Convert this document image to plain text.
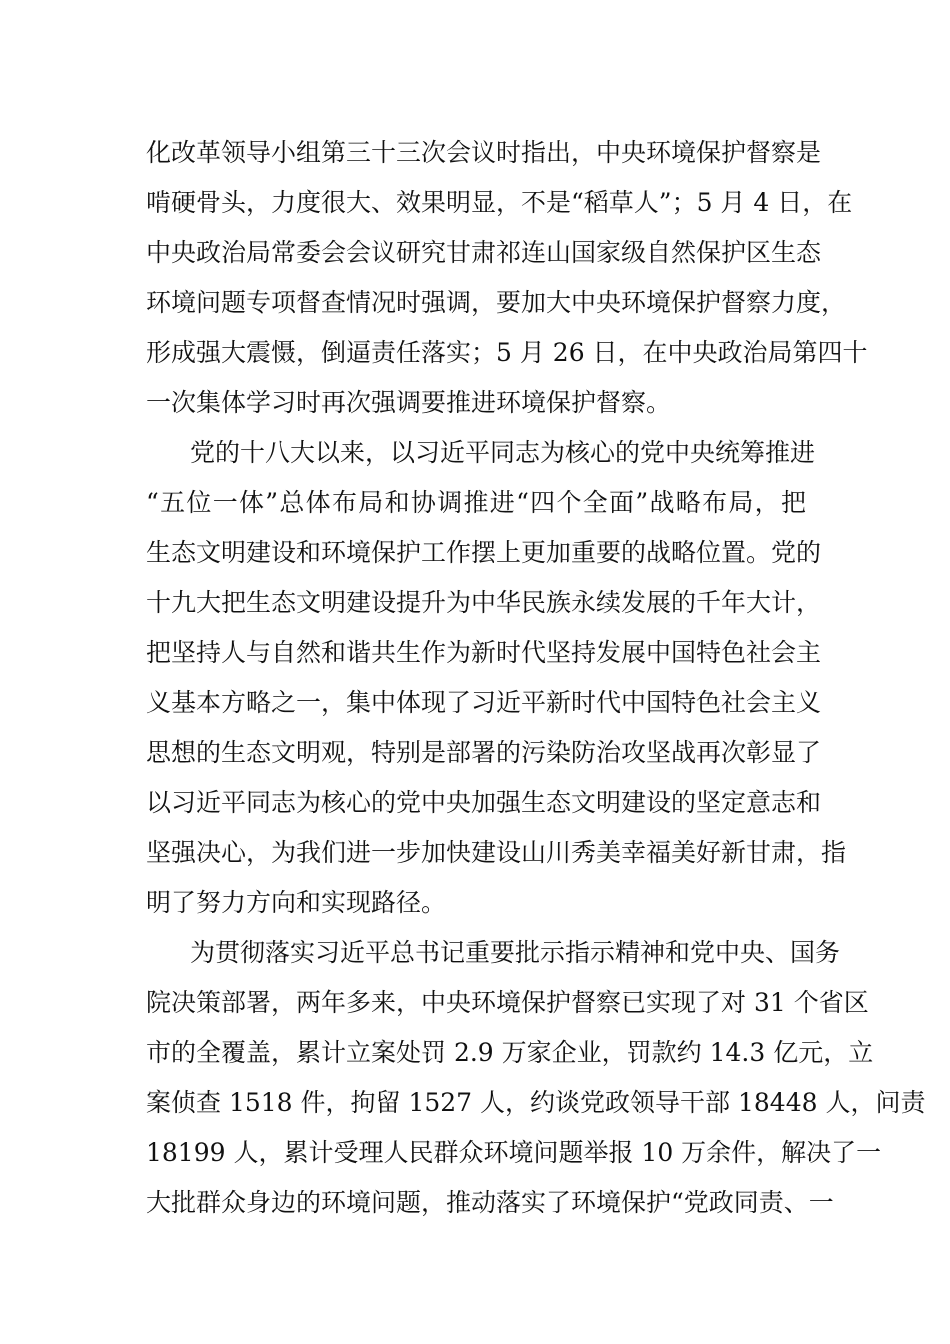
化改革领导小组第三十三次会议时指出，中央环境保护督察是
啃硬骨头，力度很大、效果明显，不是“稻草人”；5 月 4 日，在
中央政治局常委会会议研究甘肃祁连山国家级自然保护区生态
环境问题专项督查情况时强调，要加大中央环境保护督察力度，
形成强大震慑，倒逼责任落实；5 月 26 日，在中央政治局第四十
一次集体学习时再次强调要推进环境保护督察。
党的十八大以来，以习近平同志为核心的党中央统筹推进
“五位一体”总体布局和协调推进“四个全面”战略布局，把
生态文明建设和环境保护工作摆上更加重要的战略位置。党的
十九大把生态文明建设提升为中华民族永续发展的千年大计，
把坚持人与自然和谐共生作为新时代坚持发展中国特色社会主
义基本方略之一，集中体现了习近平新时代中国特色社会主义
思想的生态文明观，特别是部署的污染防治攻坚战再次彰显了
以习近平同志为核心的党中央加强生态文明建设的坚定意志和
坚强决心，为我们进一步加快建设山川秀美幸福美好新甘肃，指
明了努力方向和实现路径。
为贯彻落实习近平总书记重要批示指示精神和党中央、国务
院决策部署，两年多来，中央环境保护督察已实现了对 31 个省区
市的全覆盖，累计立案处罚 2.9 万家企业，罚款约 14.3 亿元，立
案侦查 1518 件，拘留 1527 人，约谈党政领导干部 18448 人，问责
18199 人，累计受理人民群众环境问题举报 10 万余件，解决了一
大批群众身边的环境问题，推动落实了环境保护“党政同责、一
